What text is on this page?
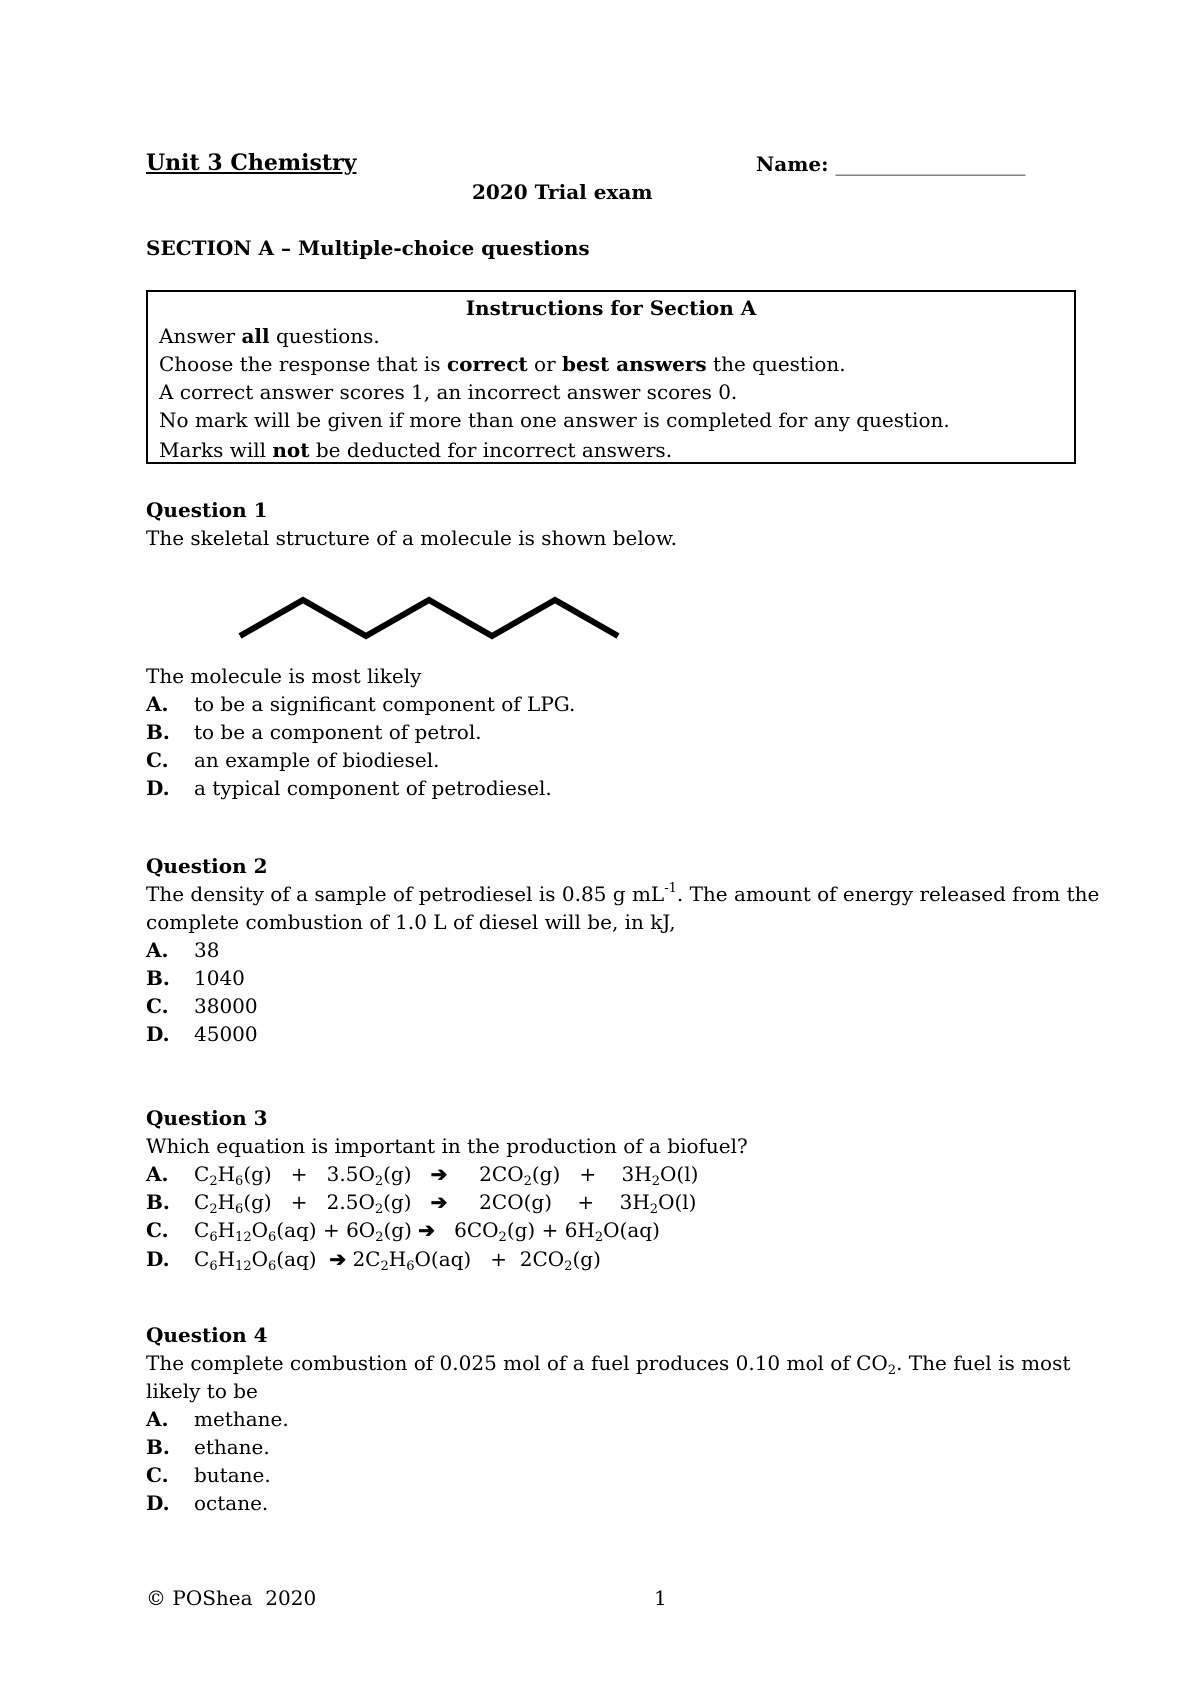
Unit 3 Chemistry	Name: ___________________
2020 Trial exam
SECTION A – Multiple-choice questions
Instructions for Section A
Answer all questions.
Choose the response that is correct or best answers the question.
A correct answer scores 1, an incorrect answer scores 0.
No mark will be given if more than one answer is completed for any question.
Marks will not be deducted for incorrect answers.
Question 1
The skeletal structure of a molecule is shown below.
The molecule is most likely
A. to be a significant component of LPG.
B. to be a component of petrol.
C. an example of biodiesel.
D. a typical component of petrodiesel.
Question 2
The density of a sample of petrodiesel is 0.85 g $mL^{-1}$. The amount of energy released from the
complete combustion of 1.0 L of diesel will be, in kJ,
A. 38
B. 1040
C. 38000
D. 45000
Question 3
Which equation is important in the production of a biofuel?
A. $C_2H_6(g) + 3.5O_2(g)$   ➔     $2CO_2(g)$   +    $3H_2O(l)$
B. $C_2H_6(g) + 2.5O_2(g)$   ➔     2CO(g)    +    $3H_2O(l)$
C. $C_6H_{12}O_6(aq) + 6O_2(g)$ ➔   $6CO_2(g) + 6H_2O(aq)$
D. $C_6H_{12}O_6(aq)$  ➔ $2C_2H_6O(aq) + 2CO_2(g)$
Question 4
The complete combustion of 0.025 mol of a fuel produces 0.10 mol of $CO_2$. The fuel is most
likely to be
A. methane.
B. ethane.
C. butane.
D. octane.
© POShea  2020	1
